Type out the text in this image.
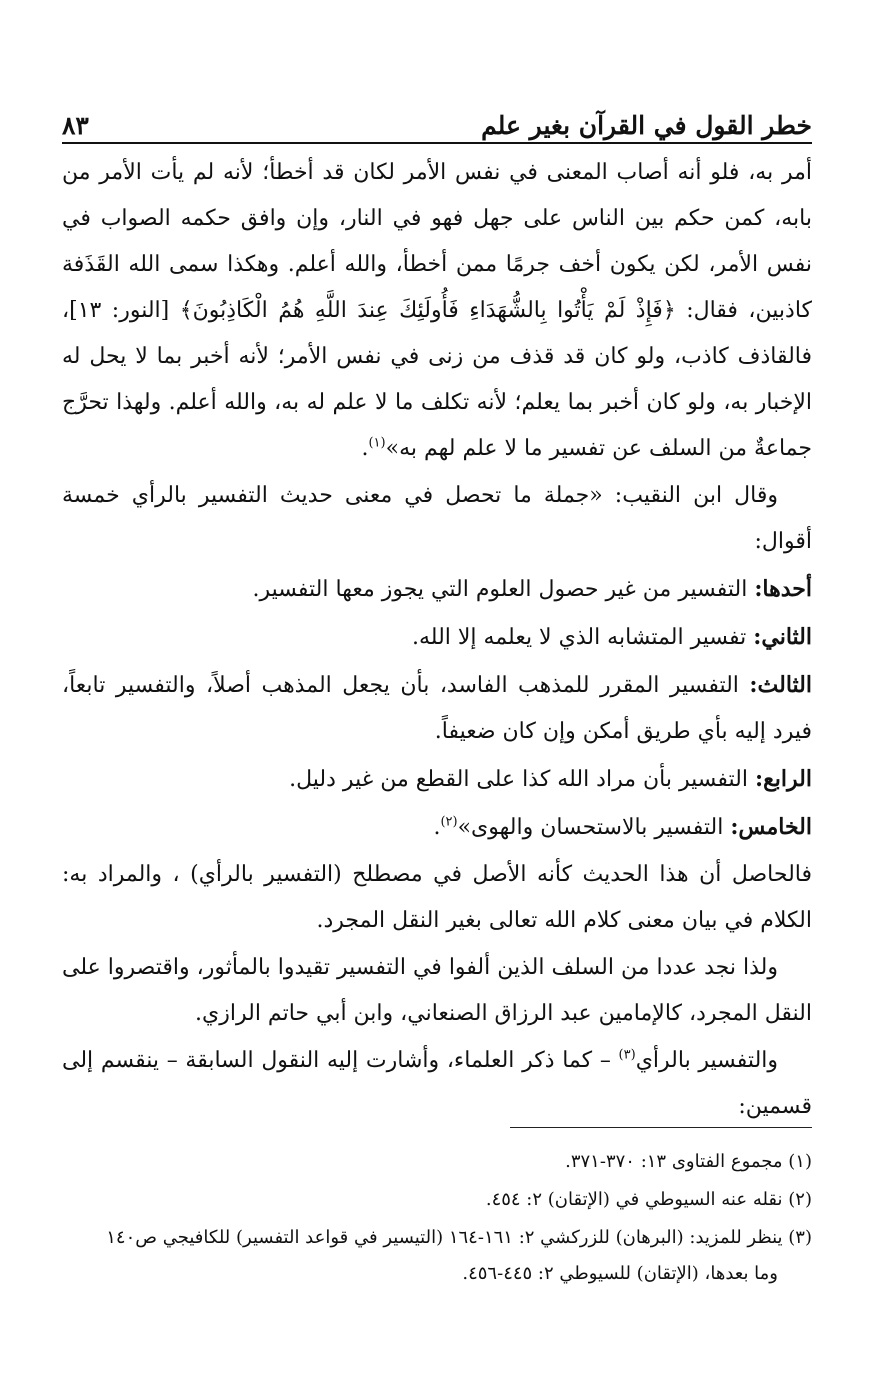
٨٣	خطر القول في القرآن بغير علم

أمر به، فلو أنه أصاب المعنى في نفس الأمر لكان قد أخطأ؛ لأنه لم يأت الأمر من بابه، كمن حكم بين الناس على جهل فهو في النار، وإن وافق حكمه الصواب في نفس الأمر، لكن يكون أخف جرمًا ممن أخطأ، والله أعلم. وهكذا سمى الله القَذَفة كاذبين، فقال: ﴿فَإِذْ لَمْ يَأْتُوا بِالشُّهَدَاءِ فَأُولَئِكَ عِندَ اللَّهِ هُمُ الْكَاذِبُونَ﴾ [النور: ١٣]، فالقاذف كاذب، ولو كان قد قذف من زنى في نفس الأمر؛ لأنه أخبر بما لا يحل له الإخبار به، ولو كان أخبر بما يعلم؛ لأنه تكلف ما لا علم له به، والله أعلم. ولهذا تحرَّج جماعةٌ من السلف عن تفسير ما لا علم لهم به»$^{(١)}$.

وقال ابن النقيب: «جملة ما تحصل في معنى حديث التفسير بالرأي خمسة أقوال:

أحدها: التفسير من غير حصول العلوم التي يجوز معها التفسير.

الثاني: تفسير المتشابه الذي لا يعلمه إلا الله.

الثالث: التفسير المقرر للمذهب الفاسد، بأن يجعل المذهب أصلاً، والتفسير تابعاً، فيرد إليه بأي طريق أمكن وإن كان ضعيفاً.

الرابع: التفسير بأن مراد الله كذا على القطع من غير دليل.

الخامس: التفسير بالاستحسان والهوى»$^{(٢)}$.

فالحاصل أن هذا الحديث كأنه الأصل في مصطلح (التفسير بالرأي) ، والمراد به: الكلام في بيان معنى كلام الله تعالى بغير النقل المجرد.

ولذا نجد عددا من السلف الذين ألفوا في التفسير تقيدوا بالمأثور، واقتصروا على النقل المجرد، كالإمامين عبد الرزاق الصنعاني، وابن أبي حاتم الرازي.

والتفسير بالرأي$^{(٣)}$ – كما ذكر العلماء، وأشارت إليه النقول السابقة – ينقسم إلى قسمين:

(١) مجموع الفتاوى ١٣: ٣٧٠-٣٧١.
(٢) نقله عنه السيوطي في (الإتقان) ٢: ٤٥٤.
(٣) ينظر للمزيد: (البرهان) للزركشي ٢: ١٦١-١٦٤ (التيسير في قواعد التفسير) للكافيجي ص١٤٠
وما بعدها، (الإتقان) للسيوطي ٢: ٤٤٥-٤٥٦.
